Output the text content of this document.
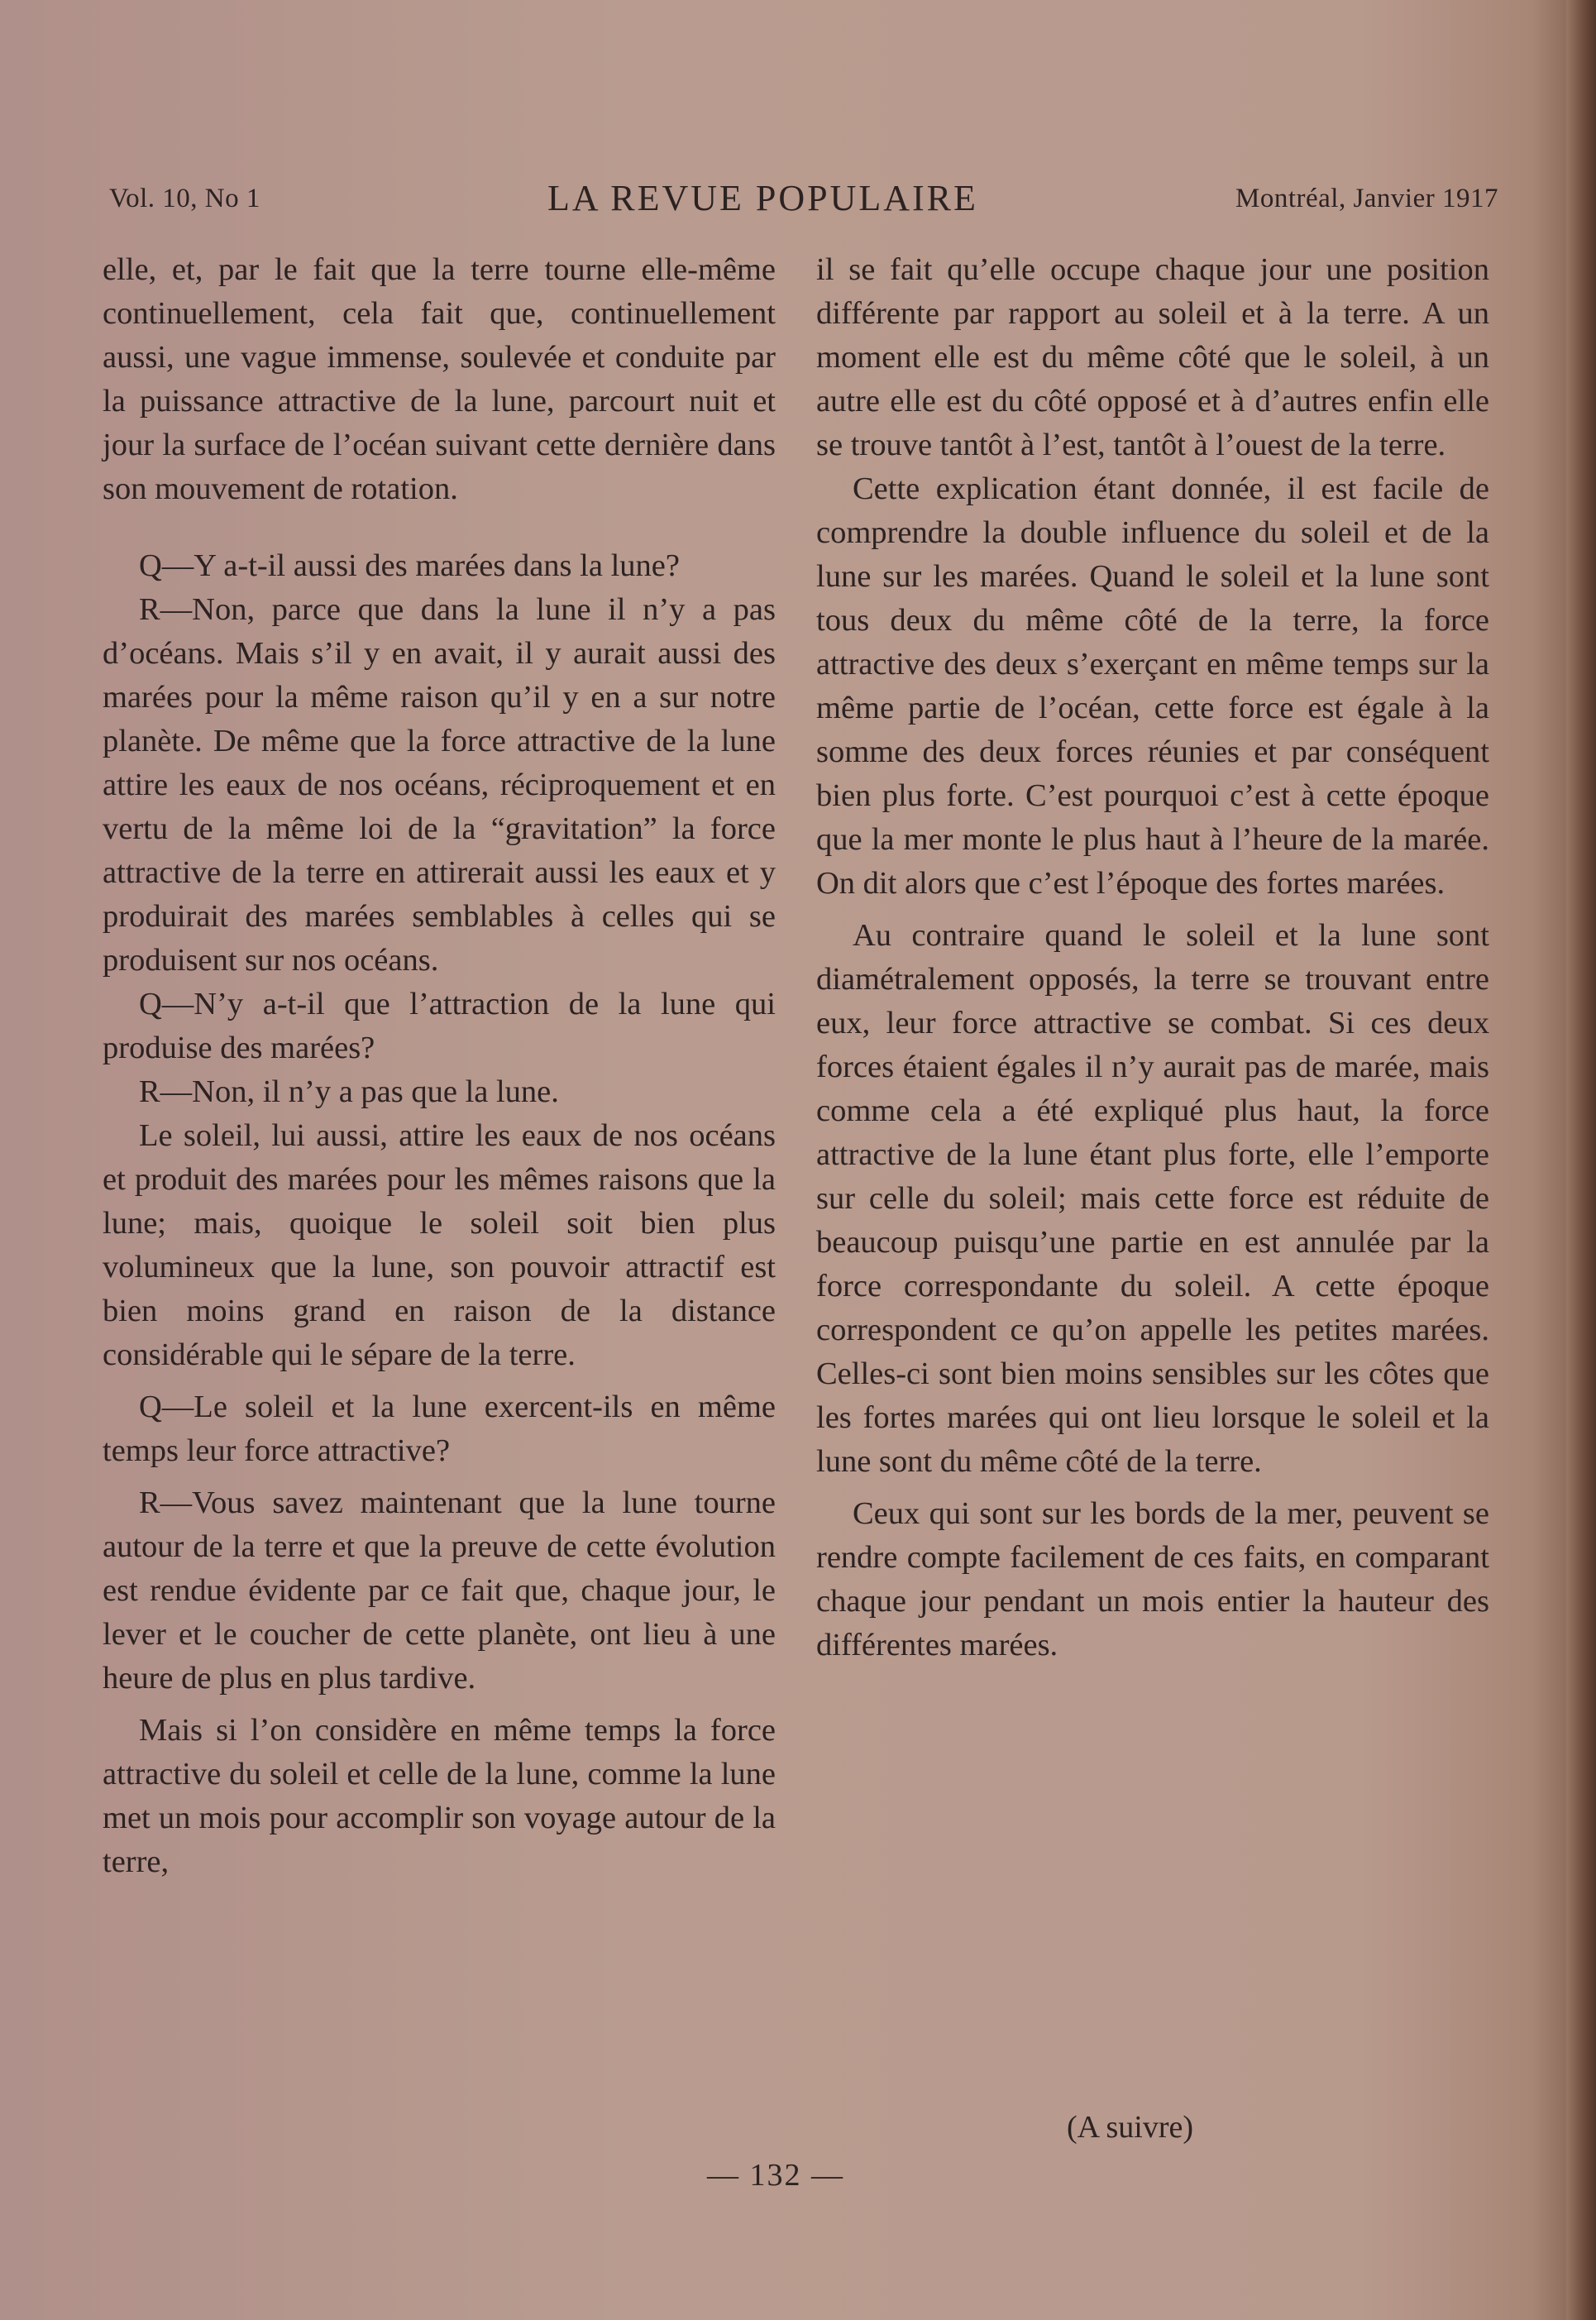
Vol. 10, No 1	LA REVUE POPULAIRE	Montréal, Janvier 1917

elle, et, par le fait que la terre tourne elle-même continuellement, cela fait que, continuellement aussi, une vague immense, soulevée et conduite par la puissance attractive de la lune, parcourt nuit et jour la surface de l’océan suivant cette dernière dans son mouvement de rotation.

Q—Y a-t-il aussi des marées dans la lune?

R—Non, parce que dans la lune il n’y a pas d’océans. Mais s’il y en avait, il y aurait aussi des marées pour la même raison qu’il y en a sur notre planète. De même que la force attractive de la lune attire les eaux de nos océans, réciproquement et en vertu de la même loi de la “gravitation” la force attractive de la terre en attirerait aussi les eaux et y produirait des marées semblables à celles qui se produisent sur nos océans.

Q—N’y a-t-il que l’attraction de la lune qui produise des marées?

R—Non, il n’y a pas que la lune.

Le soleil, lui aussi, attire les eaux de nos océans et produit des marées pour les mêmes raisons que la lune; mais, quoique le soleil soit bien plus volumineux que la lune, son pouvoir attractif est bien moins grand en raison de la distance considérable qui le sépare de la terre.

Q—Le soleil et la lune exercent-ils en même temps leur force attractive?

R—Vous savez maintenant que la lune tourne autour de la terre et que la preuve de cette évolution est rendue évidente par ce fait que, chaque jour, le lever et le coucher de cette planète, ont lieu à une heure de plus en plus tardive.

Mais si l’on considère en même temps la force attractive du soleil et celle de la lune, comme la lune met un mois pour accomplir son voyage autour de la terre,

il se fait qu’elle occupe chaque jour une position différente par rapport au soleil et à la terre. A un moment elle est du même côté que le soleil, à un autre elle est du côté opposé et à d’autres enfin elle se trouve tantôt à l’est, tantôt à l’ouest de la terre.

Cette explication étant donnée, il est facile de comprendre la double influence du soleil et de la lune sur les marées. Quand le soleil et la lune sont tous deux du même côté de la terre, la force attractive des deux s’exerçant en même temps sur la même partie de l’océan, cette force est égale à la somme des deux forces réunies et par conséquent bien plus forte. C’est pourquoi c’est à cette époque que la mer monte le plus haut à l’heure de la marée. On dit alors que c’est l’époque des fortes marées.

Au contraire quand le soleil et la lune sont diamétralement opposés, la terre se trouvant entre eux, leur force attractive se combat. Si ces deux forces étaient égales il n’y aurait pas de marée, mais comme cela a été expliqué plus haut, la force attractive de la lune étant plus forte, elle l’emporte sur celle du soleil; mais cette force est réduite de beaucoup puisqu’une partie en est annulée par la force correspondante du soleil. A cette époque correspondent ce qu’on appelle les petites marées. Celles-ci sont bien moins sensibles sur les côtes que les fortes marées qui ont lieu lorsque le soleil et la lune sont du même côté de la terre.

Ceux qui sont sur les bords de la mer, peuvent se rendre compte facilement de ces faits, en comparant chaque jour pendant un mois entier la hauteur des différentes marées.

(A suivre)
— 132 —
